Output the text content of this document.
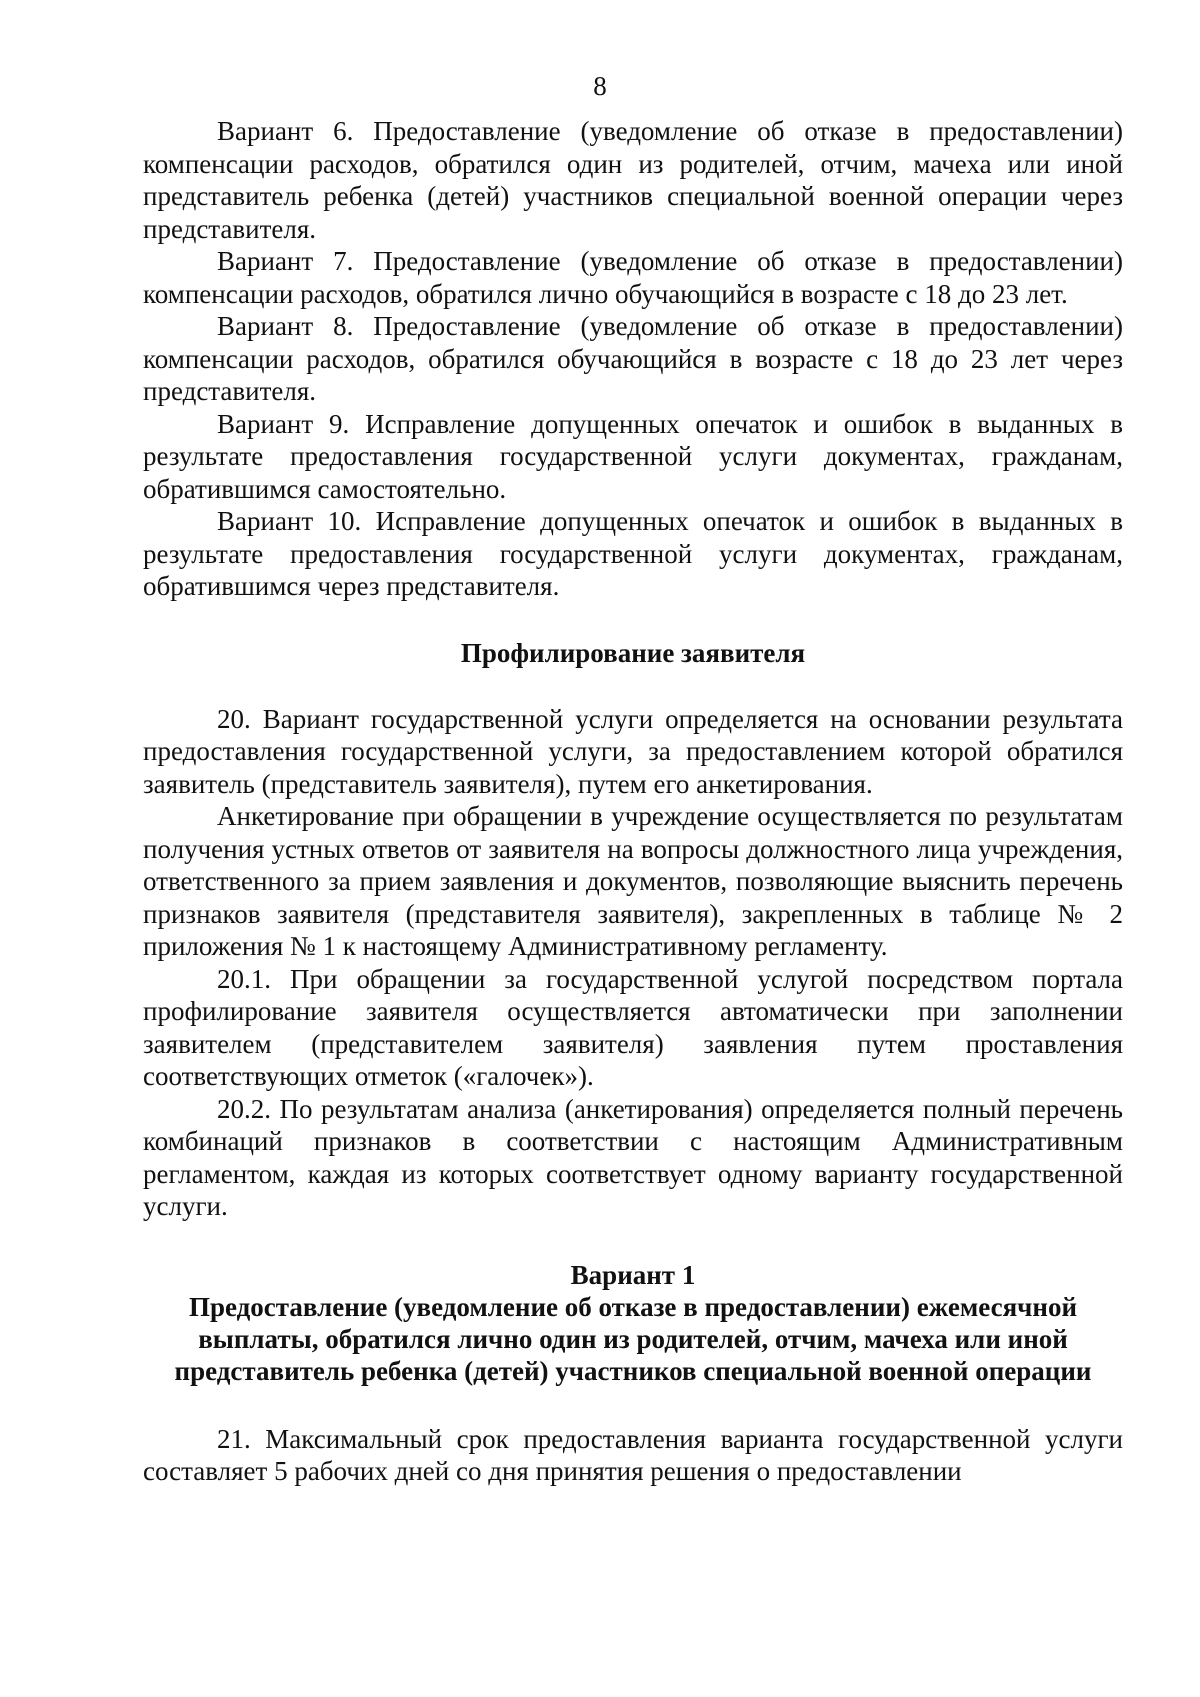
8

Вариант 6. Предоставление (уведомление об отказе в предоставлении) компенсации расходов, обратился один из родителей, отчим, мачеха или иной представитель ребенка (детей) участников специальной военной операции через представителя.

Вариант 7. Предоставление (уведомление об отказе в предоставлении) компенсации расходов, обратился лично обучающийся в возрасте с 18 до 23 лет.

Вариант 8. Предоставление (уведомление об отказе в предоставлении) компенсации расходов, обратился обучающийся в возрасте с 18 до 23 лет через представителя.

Вариант 9. Исправление допущенных опечаток и ошибок в выданных в результате предоставления государственной услуги документах, гражданам, обратившимся самостоятельно.

Вариант 10. Исправление допущенных опечаток и ошибок в выданных в результате предоставления государственной услуги документах, гражданам, обратившимся через представителя.

Профилирование заявителя

20. Вариант государственной услуги определяется на основании результата предоставления государственной услуги, за предоставлением которой обратился заявитель (представитель заявителя), путем его анкетирования.

Анкетирование при обращении в учреждение осуществляется по результатам получения устных ответов от заявителя на вопросы должностного лица учреждения, ответственного за прием заявления и документов, позволяющие выяснить перечень признаков заявителя (представителя заявителя), закрепленных в таблице № 2 приложения № 1 к настоящему Административному регламенту.

20.1. При обращении за государственной услугой посредством портала профилирование заявителя осуществляется автоматически при заполнении заявителем (представителем заявителя) заявления путем проставления соответствующих отметок («галочек»).

20.2. По результатам анализа (анкетирования) определяется полный перечень комбинаций признаков в соответствии с настоящим Административным регламентом, каждая из которых соответствует одному варианту государственной услуги.

Вариант 1
Предоставление (уведомление об отказе в предоставлении) ежемесячной
выплаты, обратился лично один из родителей, отчим, мачеха или иной
представитель ребенка (детей) участников специальной военной операции

21. Максимальный срок предоставления варианта государственной услуги составляет 5 рабочих дней со дня принятия решения о предоставлении
